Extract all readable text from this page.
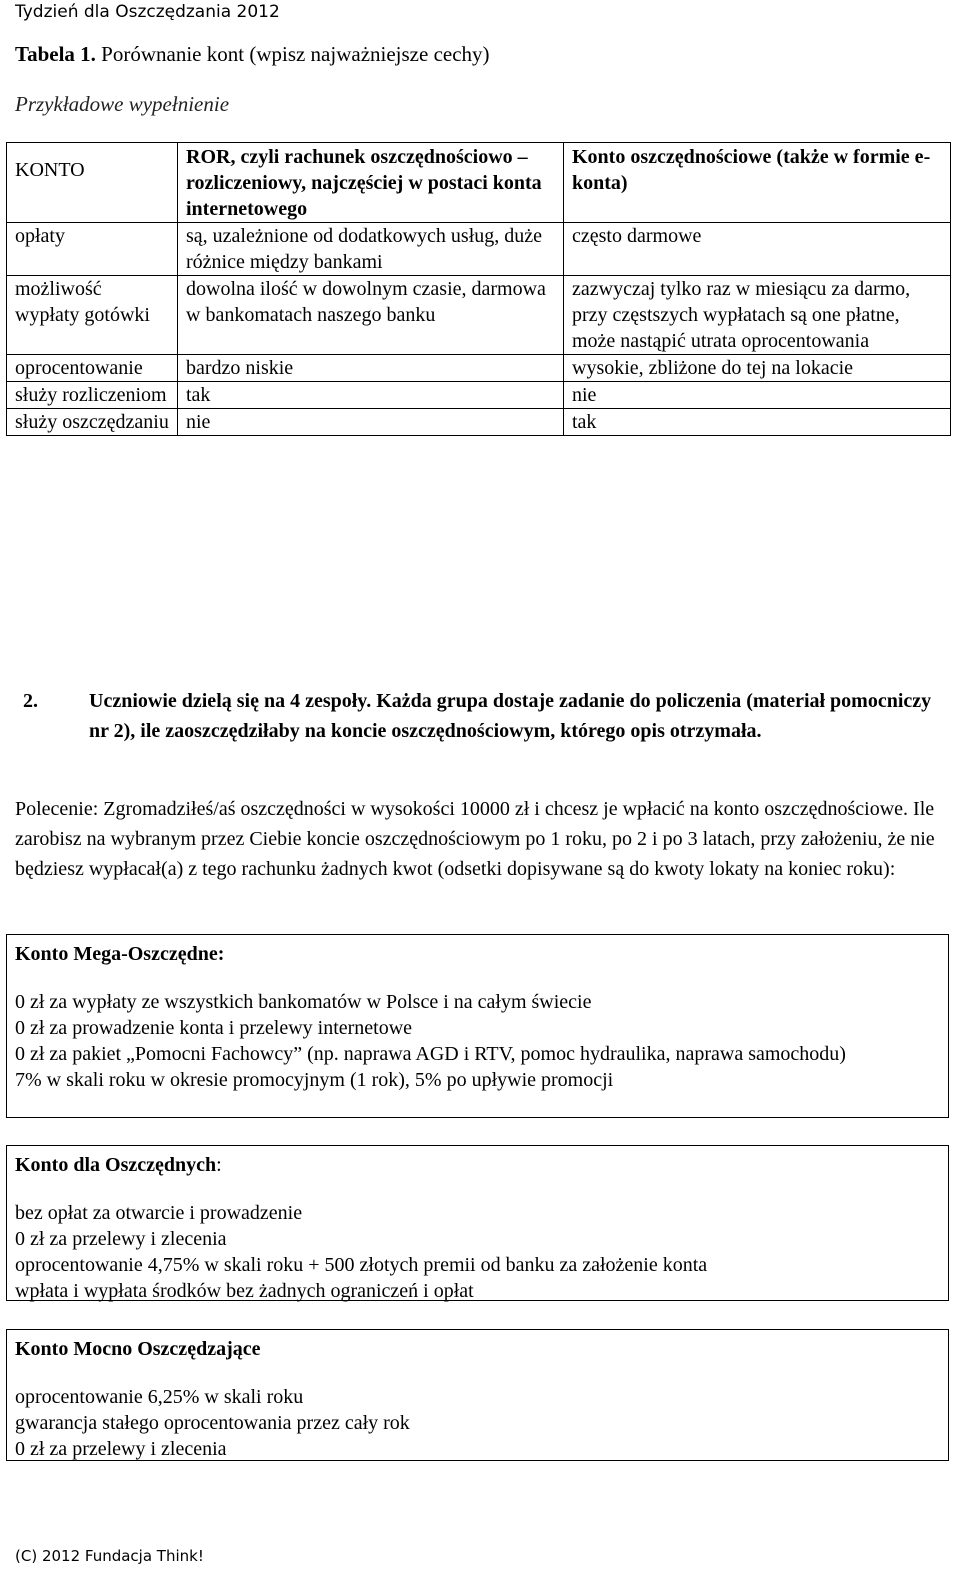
Tydzień dla Oszczędzania 2012
Tabela 1. Porównanie kont (wpisz najważniejsze cechy)
Przykładowe wypełnienie
KONTO	ROR, czyli rachunek oszczędnościowo – rozliczeniowy, najczęściej w postaci konta internetowego	Konto oszczędnościowe (także w formie e-konta)
opłaty	są, uzależnione od dodatkowych usług, duże różnice między bankami	często darmowe
możliwość wypłaty gotówki	dowolna ilość w dowolnym czasie, darmowa w bankomatach naszego banku	zazwyczaj tylko raz w miesiącu za darmo, przy częstszych wypłatach są one płatne, może nastąpić utrata oprocentowania
oprocentowanie	bardzo niskie	wysokie, zbliżone do tej na lokacie
służy rozliczeniom	tak	nie
służy oszczędzaniu	nie	tak
2.	Uczniowie dzielą się na 4 zespoły. Każda grupa dostaje zadanie do policzenia (materiał pomocniczy nr 2), ile zaoszczędziłaby na koncie oszczędnościowym, którego opis otrzymała.
Polecenie: Zgromadziłeś/aś oszczędności w wysokości 10000 zł i chcesz je wpłacić na konto oszczędnościowe. Ile zarobisz na wybranym przez Ciebie koncie oszczędnościowym po 1 roku, po 2 i po 3 latach, przy założeniu, że nie będziesz wypłacał(a) z tego rachunku żadnych kwot (odsetki dopisywane są do kwoty lokaty na koniec roku):
Konto Mega-Oszczędne:
0 zł za wypłaty ze wszystkich bankomatów w Polsce i na całym świecie
0 zł za prowadzenie konta i przelewy internetowe
0 zł za pakiet „Pomocni Fachowcy” (np. naprawa AGD i RTV, pomoc hydraulika, naprawa samochodu)
7% w skali roku w okresie promocyjnym (1 rok), 5% po upływie promocji
Konto dla Oszczędnych:
bez opłat za otwarcie i prowadzenie
0 zł za przelewy i zlecenia
oprocentowanie 4,75% w skali roku + 500 złotych premii od banku za założenie konta
wpłata i wypłata środków bez żadnych ograniczeń i opłat
Konto Mocno Oszczędzające
oprocentowanie 6,25% w skali roku
gwarancja stałego oprocentowania przez cały rok
0 zł za przelewy i zlecenia
(C) 2012 Fundacja Think!
